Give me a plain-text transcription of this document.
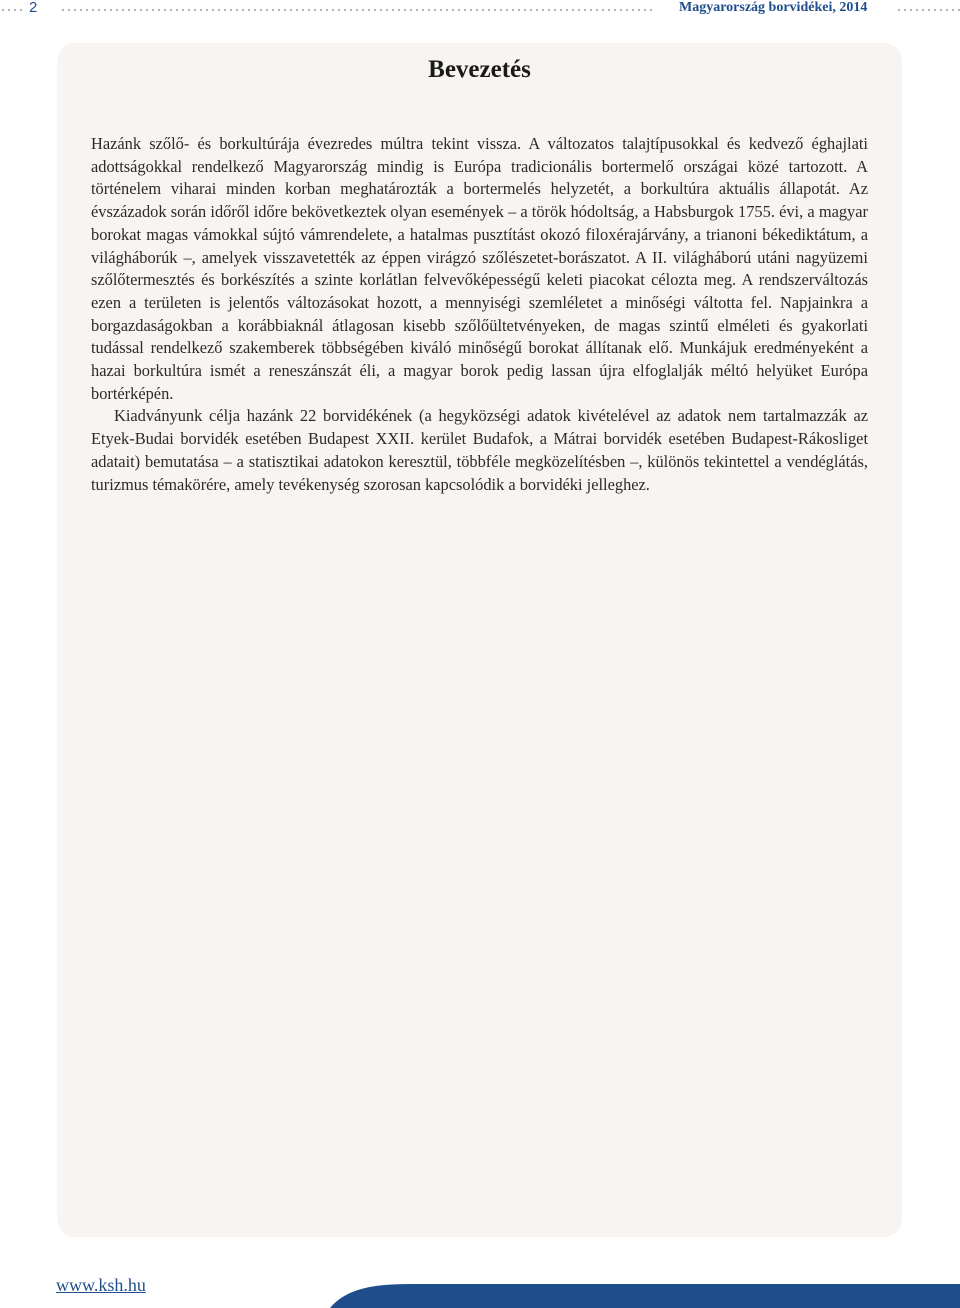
2	Magyarország borvidékei, 2014
Bevezetés

Hazánk szőlő- és borkultúrája évezredes múltra tekint vissza. A változatos talajtípusokkal és kedvező éghajlati adottságokkal rendelkező Magyarország mindig is Európa tradicionális bortermelő országai közé tartozott. A történelem viharai minden korban meghatározták a bortermelés helyzetét, a borkultúra aktuális állapotát. Az évszázadok során időről időre bekövetkeztek olyan események – a török hódoltság, a Habsburgok 1755. évi, a magyar borokat magas vámokkal sújtó vámrendelete, a hatalmas pusztítást okozó filoxérajárvány, a trianoni békediktátum, a világháborúk –, amelyek visszavetették az éppen virágzó szőlészetet-borászatot. A II. világháború utáni nagyüzemi szőlőtermesztés és borkészítés a szinte korlátlan felvevőképességű keleti piacokat célozta meg. A rendszerváltozás ezen a területen is jelentős változásokat hozott, a mennyiségi szemléletet a minőségi váltotta fel. Napjainkra a borgazdaságokban a korábbiaknál átlagosan kisebb szőlőültetvényeken, de magas szintű elméleti és gyakorlati tudással rendelkező szakemberek többségében kiváló minőségű borokat állítanak elő. Munkájuk eredményeként a hazai borkultúra ismét a reneszánszát éli, a magyar borok pedig lassan újra elfoglalják méltó helyüket Európa bortérképén.

Kiadványunk célja hazánk 22 borvidékének (a hegyközségi adatok kivételével az adatok nem tartalmazzák az Etyek-Budai borvidék esetében Budapest XXII. kerület Budafok, a Mátrai borvidék esetében Budapest-Rákosliget adatait) bemutatása – a statisztikai adatokon keresztül, többféle megközelítésben –, különös tekintettel a vendéglátás, turizmus témakörére, amely tevékenység szorosan kapcsolódik a borvidéki jelleghez.

www.ksh.hu
